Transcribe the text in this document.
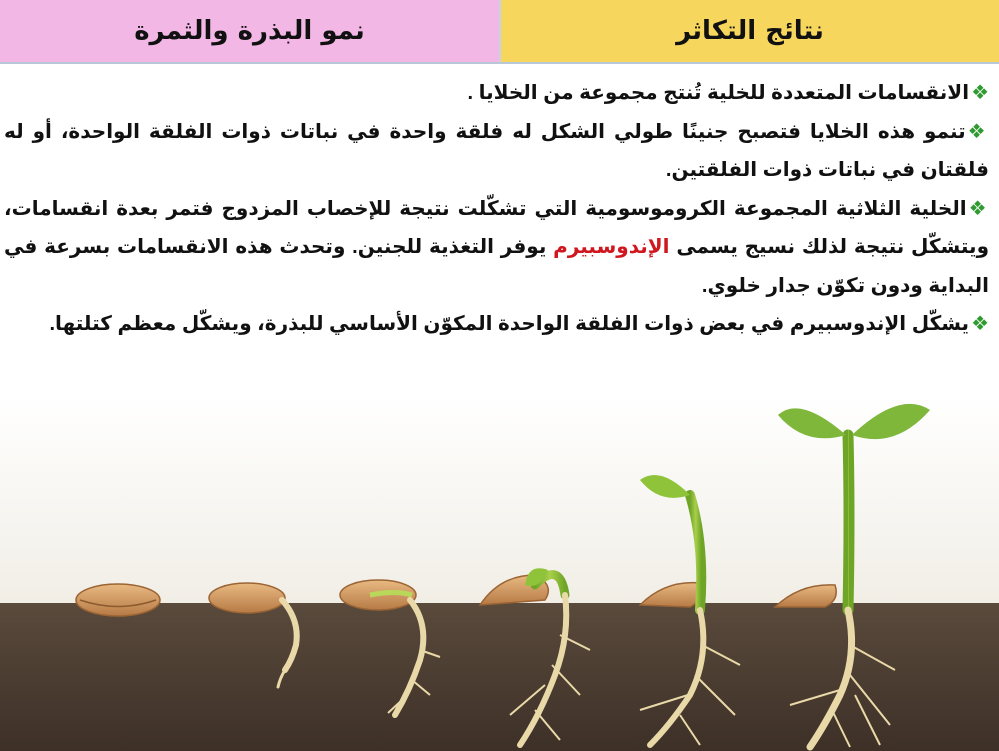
نتائج التكاثر
نمو البذرة والثمرة

❖الانقسامات المتعددة للخلية تُنتج مجموعة من الخلايا .

❖تنمو هذه الخلايا فتصبح جنينًا طولي الشكل له فلقة واحدة في نباتات ذوات الفلقة الواحدة، أو له فلقتان في نباتات ذوات الفلقتين.

❖الخلية الثلاثية المجموعة الكروموسومية التي تشكّلت نتيجة للإخصاب المزدوج فتمر بعدة انقسامات، ويتشكّل نتيجة لذلك نسيج يسمى الإندوسبيرم يوفر التغذية للجنين. وتحدث هذه الانقسامات بسرعة في البداية ودون تكوّن جدار خلوي.

❖يشكّل الإندوسبيرم في بعض ذوات الفلقة الواحدة المكوّن الأساسي للبذرة، ويشكّل معظم كتلتها.
